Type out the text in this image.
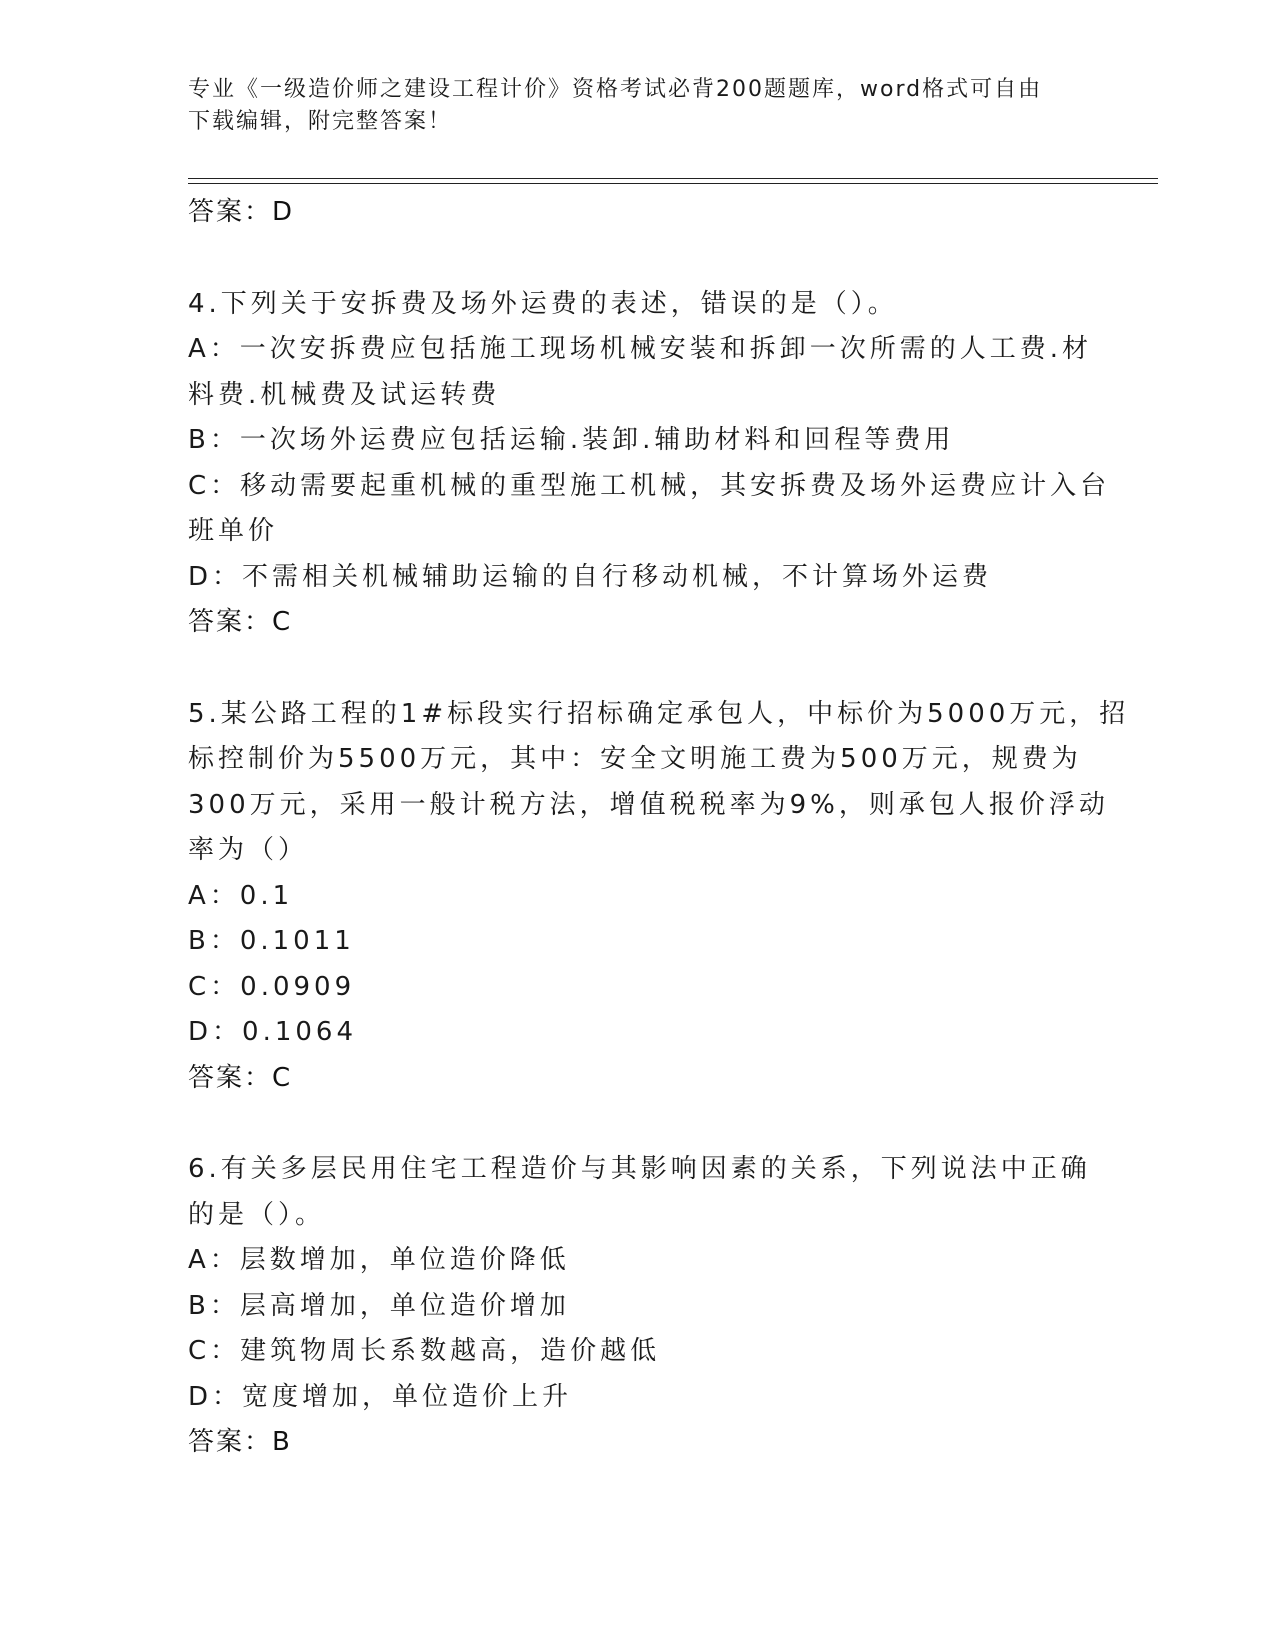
专业《一级造价师之建设工程计价》资格考试必背200题题库，word格式可自由
下载编辑，附完整答案！
答案：D
4.下列关于安拆费及场外运费的表述，错误的是（）。
A：一次安拆费应包括施工现场机械安装和拆卸一次所需的人工费.材
料费.机械费及试运转费
B：一次场外运费应包括运输.装卸.辅助材料和回程等费用
C：移动需要起重机械的重型施工机械，其安拆费及场外运费应计入台
班单价
D：不需相关机械辅助运输的自行移动机械，不计算场外运费
答案：C
5.某公路工程的1#标段实行招标确定承包人，中标价为5000万元，招
标控制价为5500万元，其中：安全文明施工费为500万元，规费为
300万元，采用一般计税方法，增值税税率为9%，则承包人报价浮动
率为（）
A：0.1
B：0.1011
C：0.0909
D：0.1064
答案：C
6.有关多层民用住宅工程造价与其影响因素的关系，下列说法中正确
的是（）。
A：层数增加，单位造价降低
B：层高增加，单位造价增加
C：建筑物周长系数越高，造价越低
D：宽度增加，单位造价上升
答案：B
